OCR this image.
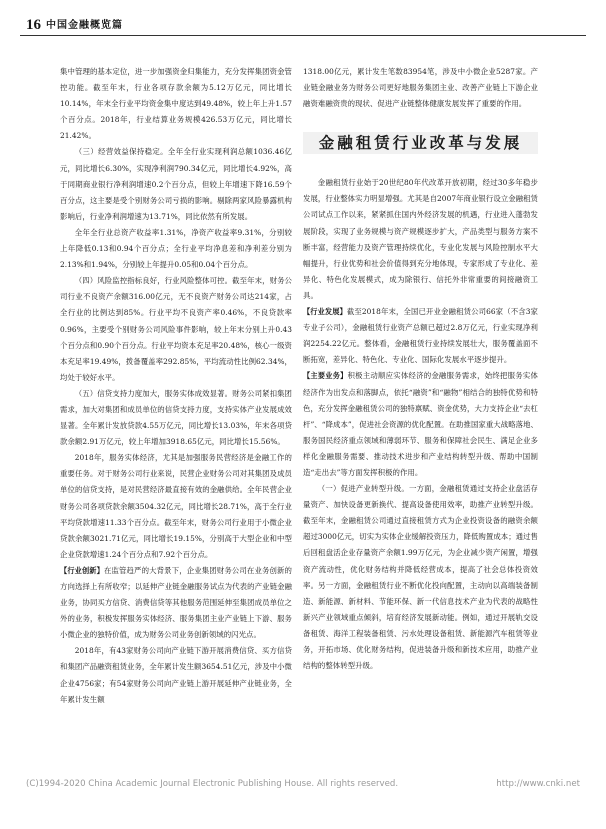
16 中国金融概览篇

集中管理的基本定位，进一步加强资金归集能力，充分发挥集团资金管控功能。截至年末，行业各项存款余额为5.12万亿元，同比增长10.14%，年末全行业平均资金集中度达到49.48%，较上年上升1.57个百分点。2018年，行业结算业务规模426.53万亿元，同比增长21.42%。

（三）经营效益保持稳定。全年全行业实现利润总额1036.46亿元，同比增长6.30%，实现净利润790.34亿元，同比增长4.92%，高于同期商业银行净利润增速0.2个百分点，但较上年增速下降16.59个百分点，这主要是受个别财务公司亏损的影响。剔除两家风险暴露机构影响后，行业净利润增速为13.71%，同比依然有所发展。

全年全行业总资产收益率1.31%，净资产收益率9.31%，分别较上年降低0.13和0.94个百分点；全行业平均净息差和净利差分别为2.13%和1.94%，分别较上年提升0.05和0.04个百分点。

（四）风险监控指标良好，行业风险整体可控。截至年末，财务公司行业不良资产余额316.00亿元，无不良资产财务公司达214家，占全行业的比例达到85%。行业平均不良资产率0.46%，不良贷款率0.96%，主要受个别财务公司风险事件影响，较上年末分别上升0.43个百分点和0.90个百分点。行业平均资本充足率20.48%，核心一级资本充足率19.49%，拨备覆盖率292.85%，平均流动性比例62.34%，均处于较好水平。

（五）信贷支持力度加大，服务实体成效显著。财务公司紧扣集团需求，加大对集团和成员单位的信贷支持力度，支持实体产业发展成效显著。全年累计发放贷款4.55万亿元，同比增长13.03%，年末各项贷款余额2.91万亿元，较上年增加3918.65亿元，同比增长15.56%。

2018年，服务实体经济，尤其是加强服务民营经济是金融工作的重要任务。对于财务公司行业来说，民营企业财务公司对其集团及成员单位的信贷支持，是对民营经济最直接有效的金融供给。全年民营企业财务公司各项贷款余额3504.32亿元，同比增长28.71%，高于全行业平均贷款增速11.33个百分点。截至年末，财务公司行业用于小微企业贷款余额3021.71亿元，同比增长19.15%，分别高于大型企业和中型企业贷款增速1.24个百分点和7.92个百分点。

【行业创新】在监管趋严的大背景下，企业集团财务公司在业务创新的方向选择上有所收窄；以延伸产业链金融服务试点为代表的产业链金融业务，协同买方信贷、消费信贷等其他服务范围延伸至集团成员单位之外的业务，积极发挥服务实体经济、服务集团主业产业链上下游、服务小微企业的独特价值，成为财务公司业务创新领域的闪光点。

2018年，有43家财务公司向产业链下游开展消费信贷、买方信贷和集团产品融资租赁业务，全年累计发生额3654.51亿元，涉及中小微企业4756家；有54家财务公司向产业链上游开展延伸产业链业务，全年累计发生额

1318.00亿元，累计发生笔数83954笔，涉及中小微企业5287家。产业链金融业务为财务公司更好地服务集团主业、改善产业链上下游企业融资难融资贵的现状、促进产业链整体健康发展发挥了重要的作用。

金融租赁行业改革与发展

金融租赁行业始于20世纪80年代改革开放初期，经过30多年稳步发展，行业整体实力明显增强。尤其是自2007年商业银行设立金融租赁公司试点工作以来，紧紧抓住国内外经济发展的机遇，行业进入蓬勃发展阶段，实现了业务规模与资产规模逐步扩大，产品类型与服务方案不断丰富，经营能力及资产管理持续优化，专业化发展与风险控制水平大幅提升，行业优势和社会价值得到充分地体现，专家形成了专业化、差异化、特色化发展模式，成为除银行、信托外非常重要的间接融资工具。

【行业发展】截至2018年末，全国已开业金融租赁公司66家（不含3家专业子公司），金融租赁行业资产总额已超过2.8万亿元，行业实现净利润2254.22亿元。整体看，金融租赁行业持续发展壮大，服务覆盖面不断拓宽，差异化、特色化、专业化、国际化发展水平逐步提升。

【主要业务】积极主动顺应实体经济的金融服务需求，始终把服务实体经济作为出发点和落脚点，依托“融资”和“融物”相结合的独特优势和特色，充分发挥金融租赁公司的独特禀赋、资金优势，大力支持企业“去杠杆”、“降成本”，促进社会资源的优化配置。在助推国家重大战略落地、服务国民经济重点领域和薄弱环节、服务和保障社会民生、满足企业多样化金融服务需要、推动技术进步和产业结构转型升级、帮助中国制造“走出去”等方面发挥积极的作用。

（一）促进产业转型升级。一方面，金融租赁通过支持企业盘活存量资产、加快设备更新换代、提高设备使用效率，助推产业转型升级。截至年末，金融租赁公司通过直接租赁方式为企业投资设备的融资余额超过3000亿元，切实为实体企业缓解投资压力，降低购置成本；通过售后回租盘活企业存量资产余额1.99万亿元，为企业减少资产闲置，增强资产流动性，优化财务结构并降低经营成本，提高了社会总体投资效率。另一方面，金融租赁行业不断优化投向配置，主动向以高端装备制造、新能源、新材料、节能环保、新一代信息技术产业为代表的战略性新兴产业领域重点倾斜，培育经济发展新动能。例如，通过开展轨交设备租赁、海洋工程装备租赁、污水处理设备租赁、新能源汽车租赁等业务，开拓市场、优化财务结构，促进装备升级和新技术应用，助推产业结构的整体转型升级。

(C)1994-2020 China Academic Journal Electronic Publishing House. All rights reserved.	http://www.cnki.net
